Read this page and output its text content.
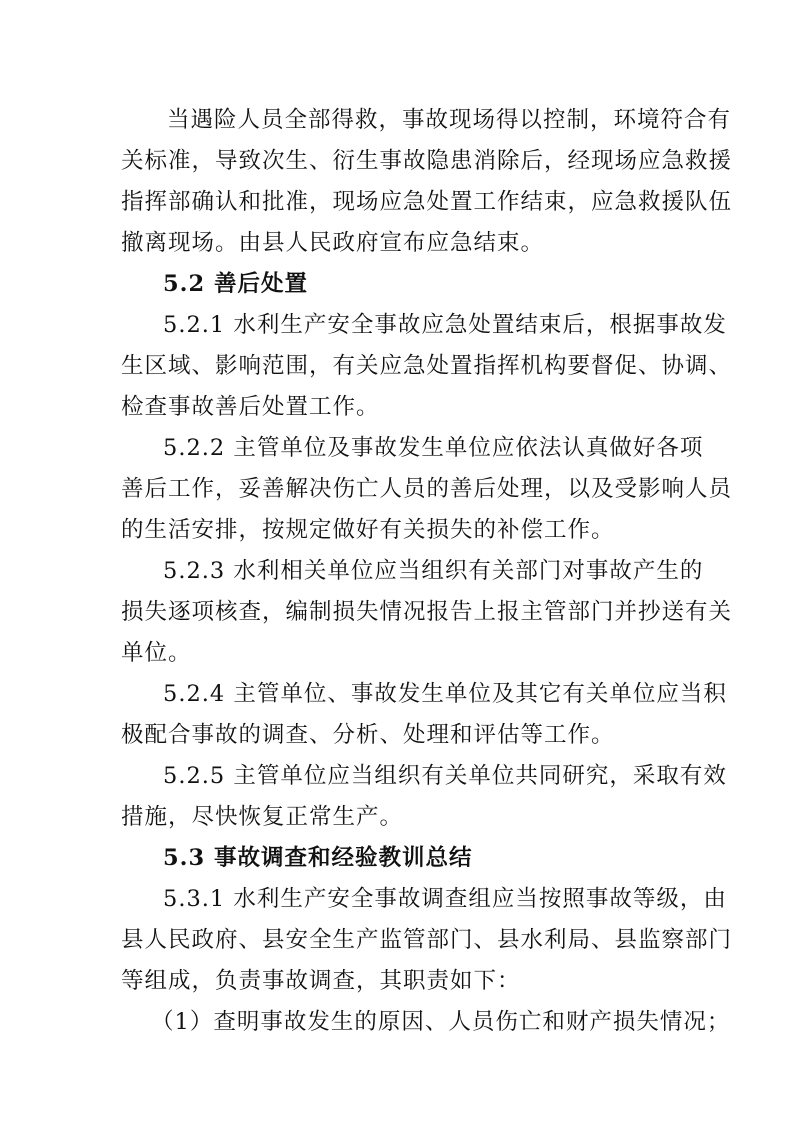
当遇险人员全部得救，事故现场得以控制，环境符合有
关标准，导致次生、衍生事故隐患消除后，经现场应急救援
指挥部确认和批准，现场应急处置工作结束，应急救援队伍
撤离现场。由县人民政府宣布应急结束。
5.2 善后处置
5.2.1 水利生产安全事故应急处置结束后，根据事故发
生区域、影响范围，有关应急处置指挥机构要督促、协调、
检查事故善后处置工作。
5.2.2 主管单位及事故发生单位应依法认真做好各项
善后工作，妥善解决伤亡人员的善后处理，以及受影响人员
的生活安排，按规定做好有关损失的补偿工作。
5.2.3 水利相关单位应当组织有关部门对事故产生的
损失逐项核查，编制损失情况报告上报主管部门并抄送有关
单位。
5.2.4 主管单位、事故发生单位及其它有关单位应当积
极配合事故的调查、分析、处理和评估等工作。
5.2.5 主管单位应当组织有关单位共同研究，采取有效
措施，尽快恢复正常生产。
5.3 事故调查和经验教训总结
5.3.1 水利生产安全事故调查组应当按照事故等级，由
县人民政府、县安全生产监管部门、县水利局、县监察部门
等组成，负责事故调查，其职责如下：
（1）查明事故发生的原因、人员伤亡和财产损失情况；
